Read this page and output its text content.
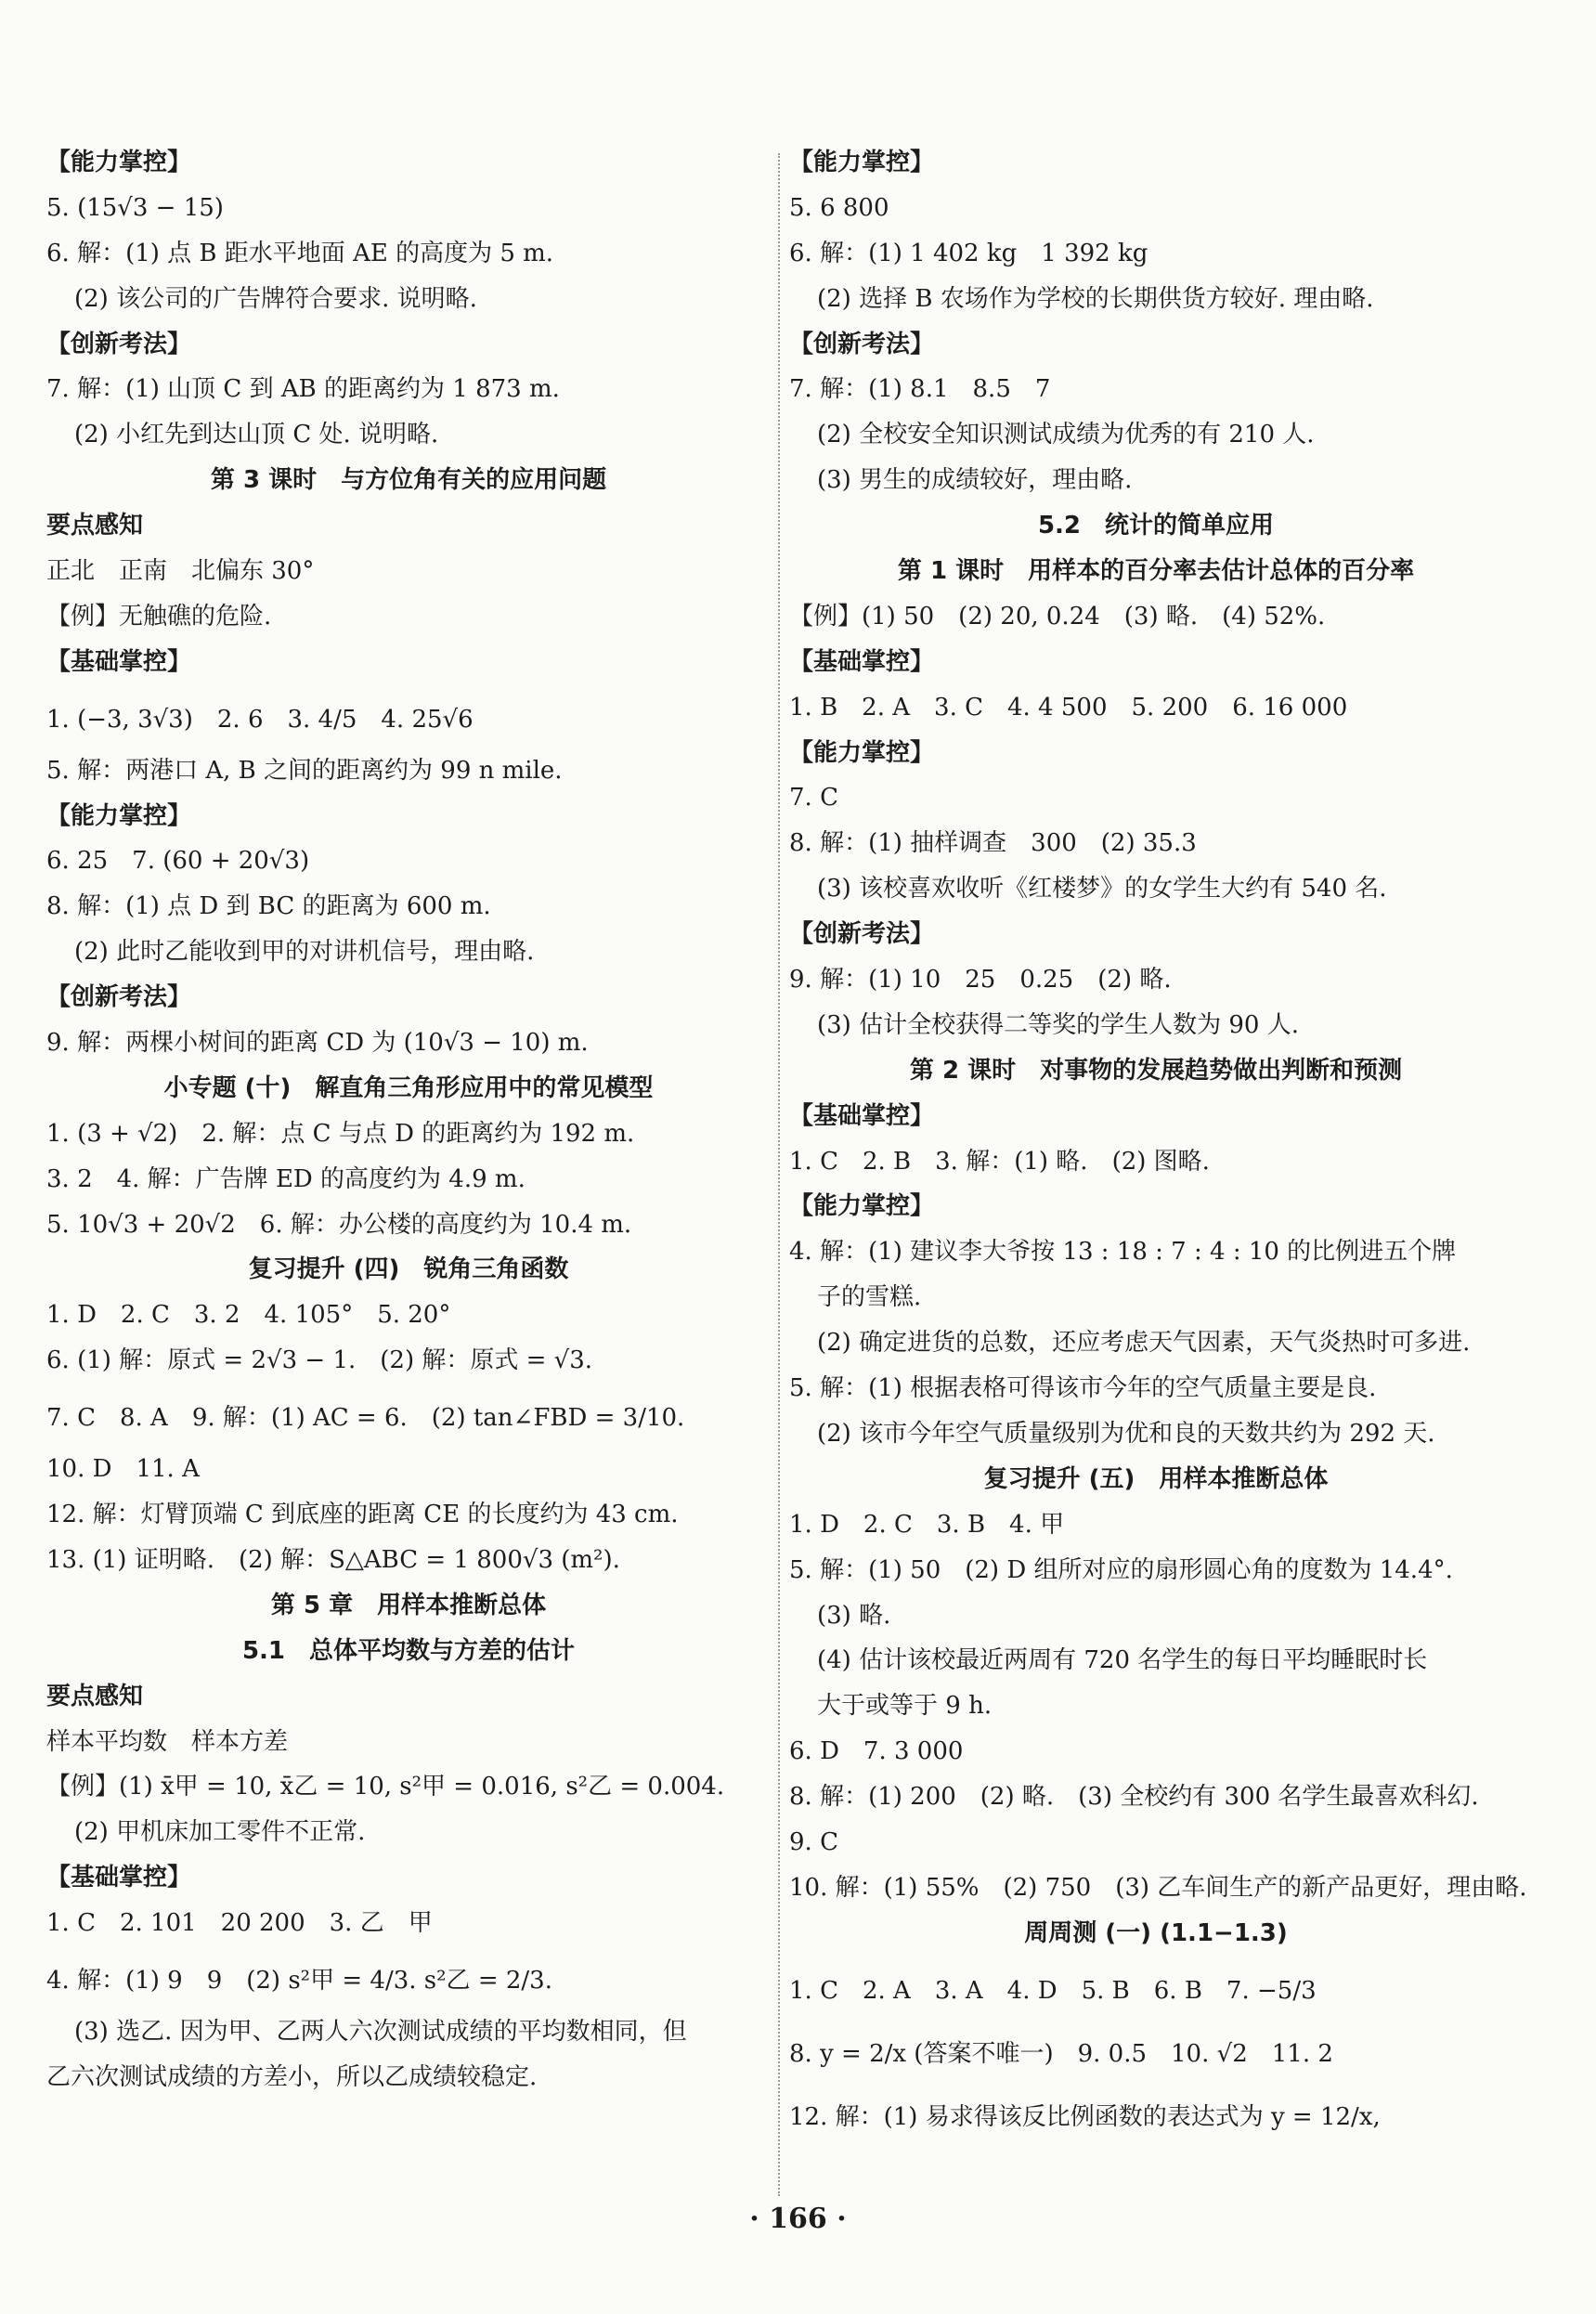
【能力掌控】
5. (15√3 − 15)
6. 解：(1) 点 B 距水平地面 AE 的高度为 5 m.
(2) 该公司的广告牌符合要求. 说明略.
【创新考法】
7. 解：(1) 山顶 C 到 AB 的距离约为 1 873 m.
(2) 小红先到达山顶 C 处. 说明略.
第 3 课时　与方位角有关的应用问题
要点感知
正北　正南　北偏东 30°
【例】无触礁的危险.
【基础掌控】
1. (−3, 3√3)　2. 6　3. 4/5　4. 25√6
5. 解：两港口 A, B 之间的距离约为 99 n mile.
【能力掌控】
6. 25　7. (60 + 20√3)
8. 解：(1) 点 D 到 BC 的距离为 600 m.
(2) 此时乙能收到甲的对讲机信号，理由略.
【创新考法】
9. 解：两棵小树间的距离 CD 为 (10√3 − 10) m.
小专题 (十)　解直角三角形应用中的常见模型
1. (3 + √2)　2. 解：点 C 与点 D 的距离约为 192 m.
3. 2　4. 解：广告牌 ED 的高度约为 4.9 m.
5. 10√3 + 20√2　6. 解：办公楼的高度约为 10.4 m.
复习提升 (四)　锐角三角函数
1. D　2. C　3. 2　4. 105°　5. 20°
6. (1) 解：原式 = 2√3 − 1.　(2) 解：原式 = √3.
7. C　8. A　9. 解：(1) AC = 6.　(2) tan∠FBD = 3/10.
10. D　11. A
12. 解：灯臂顶端 C 到底座的距离 CE 的长度约为 43 cm.
13. (1) 证明略.　(2) 解：S△ABC = 1 800√3 (m²).
第 5 章　用样本推断总体
5.1　总体平均数与方差的估计
要点感知
样本平均数　样本方差
【例】(1) x̄甲 = 10, x̄乙 = 10, s²甲 = 0.016, s²乙 = 0.004.
(2) 甲机床加工零件不正常.
【基础掌控】
1. C　2. 101　20 200　3. 乙　甲
4. 解：(1) 9　9　(2) s²甲 = 4/3. s²乙 = 2/3.
(3) 选乙. 因为甲、乙两人六次测试成绩的平均数相同，但
乙六次测试成绩的方差小，所以乙成绩较稳定.
【能力掌控】
5. 6 800
6. 解：(1) 1 402 kg　1 392 kg
(2) 选择 B 农场作为学校的长期供货方较好. 理由略.
【创新考法】
7. 解：(1) 8.1　8.5　7
(2) 全校安全知识测试成绩为优秀的有 210 人.
(3) 男生的成绩较好，理由略.
5.2　统计的简单应用
第 1 课时　用样本的百分率去估计总体的百分率
【例】(1) 50　(2) 20, 0.24　(3) 略.　(4) 52%.
【基础掌控】
1. B　2. A　3. C　4. 4 500　5. 200　6. 16 000
【能力掌控】
7. C
8. 解：(1) 抽样调查　300　(2) 35.3
(3) 该校喜欢收听《红楼梦》的女学生大约有 540 名.
【创新考法】
9. 解：(1) 10　25　0.25　(2) 略.
(3) 估计全校获得二等奖的学生人数为 90 人.
第 2 课时　对事物的发展趋势做出判断和预测
【基础掌控】
1. C　2. B　3. 解：(1) 略.　(2) 图略.
【能力掌控】
4. 解：(1) 建议李大爷按 13 : 18 : 7 : 4 : 10 的比例进五个牌
子的雪糕.
(2) 确定进货的总数，还应考虑天气因素，天气炎热时可多进.
5. 解：(1) 根据表格可得该市今年的空气质量主要是良.
(2) 该市今年空气质量级别为优和良的天数共约为 292 天.
复习提升 (五)　用样本推断总体
1. D　2. C　3. B　4. 甲
5. 解：(1) 50　(2) D 组所对应的扇形圆心角的度数为 14.4°.
(3) 略.
(4) 估计该校最近两周有 720 名学生的每日平均睡眠时长
大于或等于 9 h.
6. D　7. 3 000
8. 解：(1) 200　(2) 略.　(3) 全校约有 300 名学生最喜欢科幻.
9. C
10. 解：(1) 55%　(2) 750　(3) 乙车间生产的新产品更好，理由略.
周周测 (一) (1.1−1.3)
1. C　2. A　3. A　4. D　5. B　6. B　7. −5/3
8. y = 2/x (答案不唯一)　9. 0.5　10. √2　11. 2
12. 解：(1) 易求得该反比例函数的表达式为 y = 12/x,
· 166 ·
